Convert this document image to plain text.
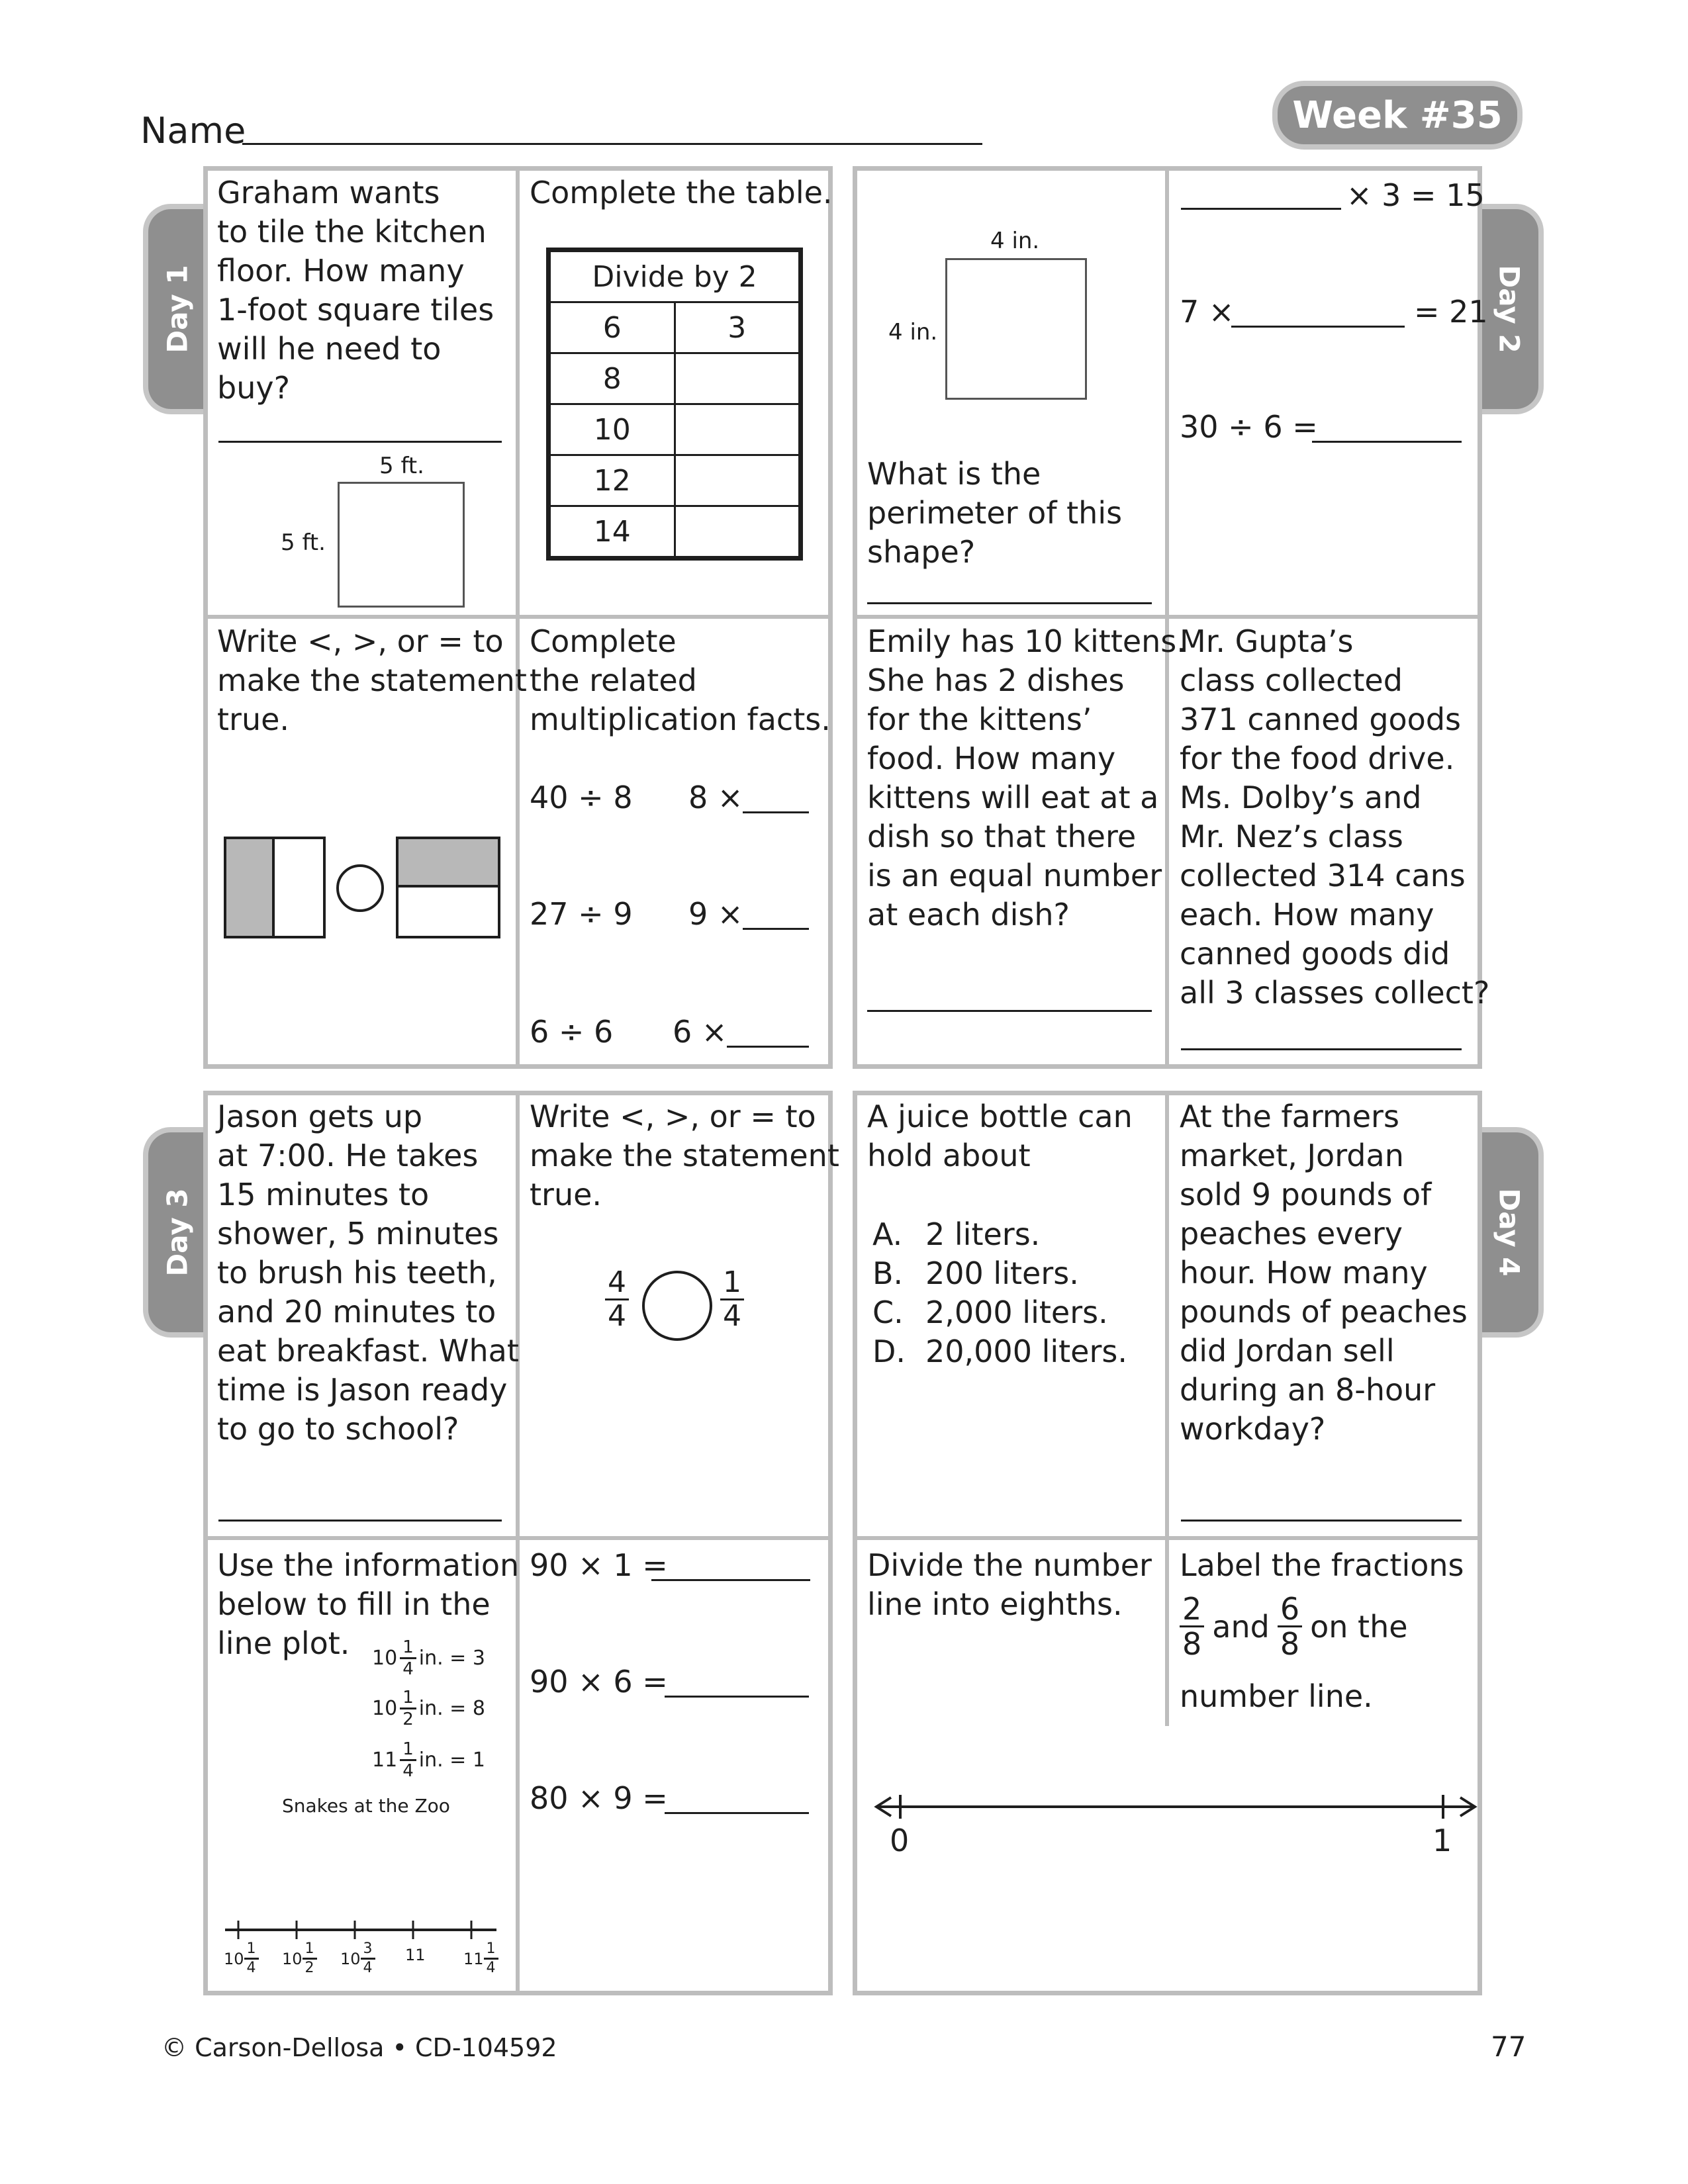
Name	Week #35
Day 1	Day 2
Day 3	Day 4

Graham wants

to tile the kitchen

floor. How many

1-foot square tiles

will he need to

buy?

5 ft.
5 ft.
Complete the table.
Divide by 2	
6	3
8	
10	
12	
14	

Write <, >, or = to

make the statement

true.

Complete

the related

multiplication facts.

40 ÷ 8 8 ×
27 ÷ 9 9 ×
6 ÷ 6 6 ×
4 in.
4 in.

What is the

perimeter of this

shape?

× 3 = 15
7 ×	= 21
30 ÷ 6 =

Emily has 10 kittens.

She has 2 dishes

for the kittens’

food. How many

kittens will eat at a

dish so that there

is an equal number

at each dish?

Mr. Gupta’s

class collected

371 canned goods

for the food drive.

Ms. Dolby’s and

Mr. Nez’s class

collected 314 cans

each. How many

canned goods did

all 3 classes collect?

Jason gets up

at 7:00. He takes

15 minutes to

shower, 5 minutes

to brush his teeth,

and 20 minutes to

eat breakfast. What

time is Jason ready

to go to school?

Write <, >, or = to

make the statement

true.

$\frac{4}{4}$	$\frac{1}{4}$

Use the information

below to fill in the

line plot.	$10 \frac{1}{4}$ in. = 3
$10 \frac{1}{2}$ in. = 8
$11 \frac{1}{4}$ in. = 1
Snakes at the Zoo
$10 \frac{1}{4} 10 \frac{1}{2} 10 \frac{3}{4} 11$ $11 \frac{1}{4}$
90 × 1 =
90 × 6 =
80 × 9 =

A juice bottle can

hold about

A. 2 liters.
B. 200 liters.
C. 2,000 liters.
D. 20,000 liters.

At the farmers

market, Jordan

sold 9 pounds of

peaches every

hour. How many

pounds of peaches

did Jordan sell

during an 8-hour

workday?

Divide the number

line into eighths.

Label the fractions
$\frac{2}{8}$ and $\frac{6}{8}$ on the
number line.
0	1
© Carson-Dellosa • CD-104592	77
